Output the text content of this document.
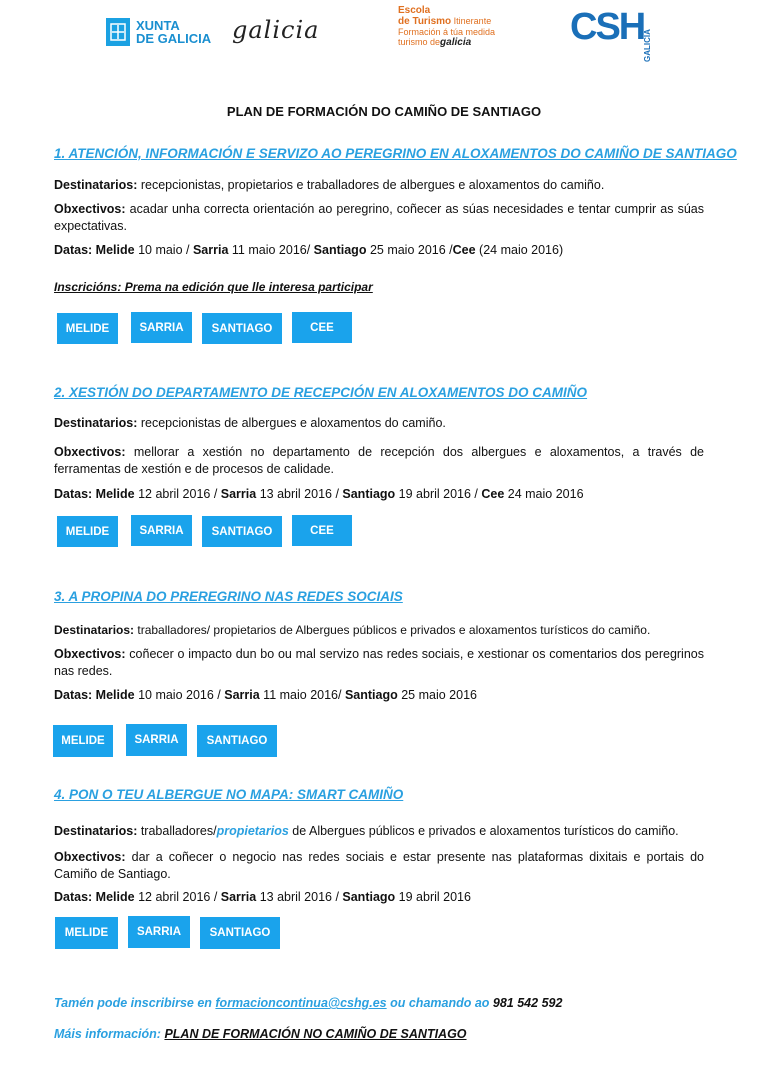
XUNTA
DE GALICIA galicia
Escola
de Turismo Itinerante
Formación á túa medida
turismo degalicia	CSH
GALICIA
PLAN DE FORMACIÓN DO CAMIÑO DE SANTIAGO
1. ATENCIÓN, INFORMACIÓN E SERVIZO AO PEREGRINO EN ALOXAMENTOS DO CAMIÑO DE SANTIAGO
Destinatarios: recepcionistas, propietarios e traballadores de albergues e aloxamentos do camiño.
Obxectivos: acadar unha correcta orientación ao peregrino, coñecer as súas necesidades e tentar cumprir as súas expectativas.
Datas: Melide 10 maio / Sarria 11 maio 2016/ Santiago 25 maio 2016 /Cee (24 maio 2016)
Inscricións: Prema na edición que lle interesa participar
MELIDE	SARRIA	SANTIAGO	CEE
2. XESTIÓN DO DEPARTAMENTO DE RECEPCIÓN EN ALOXAMENTOS DO CAMIÑO
Destinatarios: recepcionistas de albergues e aloxamentos do camiño.
Obxectivos: mellorar a xestión no departamento de recepción dos albergues e aloxamentos, a través de ferramentas de xestión e de procesos de calidade.
Datas: Melide 12 abril 2016 / Sarria 13 abril 2016 / Santiago 19 abril 2016 / Cee 24 maio 2016
MELIDE	SARRIA	SANTIAGO	CEE
3. A PROPINA DO PREREGRINO NAS REDES SOCIAIS
Destinatarios: traballadores/ propietarios de Albergues públicos e privados e aloxamentos turísticos do camiño.
Obxectivos: coñecer o impacto dun bo ou mal servizo nas redes sociais, e xestionar os comentarios dos peregrinos nas redes.
Datas: Melide 10 maio 2016 / Sarria 11 maio 2016/ Santiago 25 maio 2016
MELIDE	SARRIA	SANTIAGO
4. PON O TEU ALBERGUE NO MAPA: SMART CAMIÑO
Destinatarios: traballadores/propietarios de Albergues públicos e privados e aloxamentos turísticos do camiño.
Obxectivos: dar a coñecer o negocio nas redes sociais e estar presente nas plataformas dixitais e portais do Camiño de Santiago.
Datas: Melide 12 abril 2016 / Sarria 13 abril 2016 / Santiago 19 abril 2016
MELIDE	SARRIA	SANTIAGO
Tamén pode inscribirse en formacioncontinua@cshg.es ou chamando ao 981 542 592
Máis información: PLAN DE FORMACIÓN NO CAMIÑO DE SANTIAGO
